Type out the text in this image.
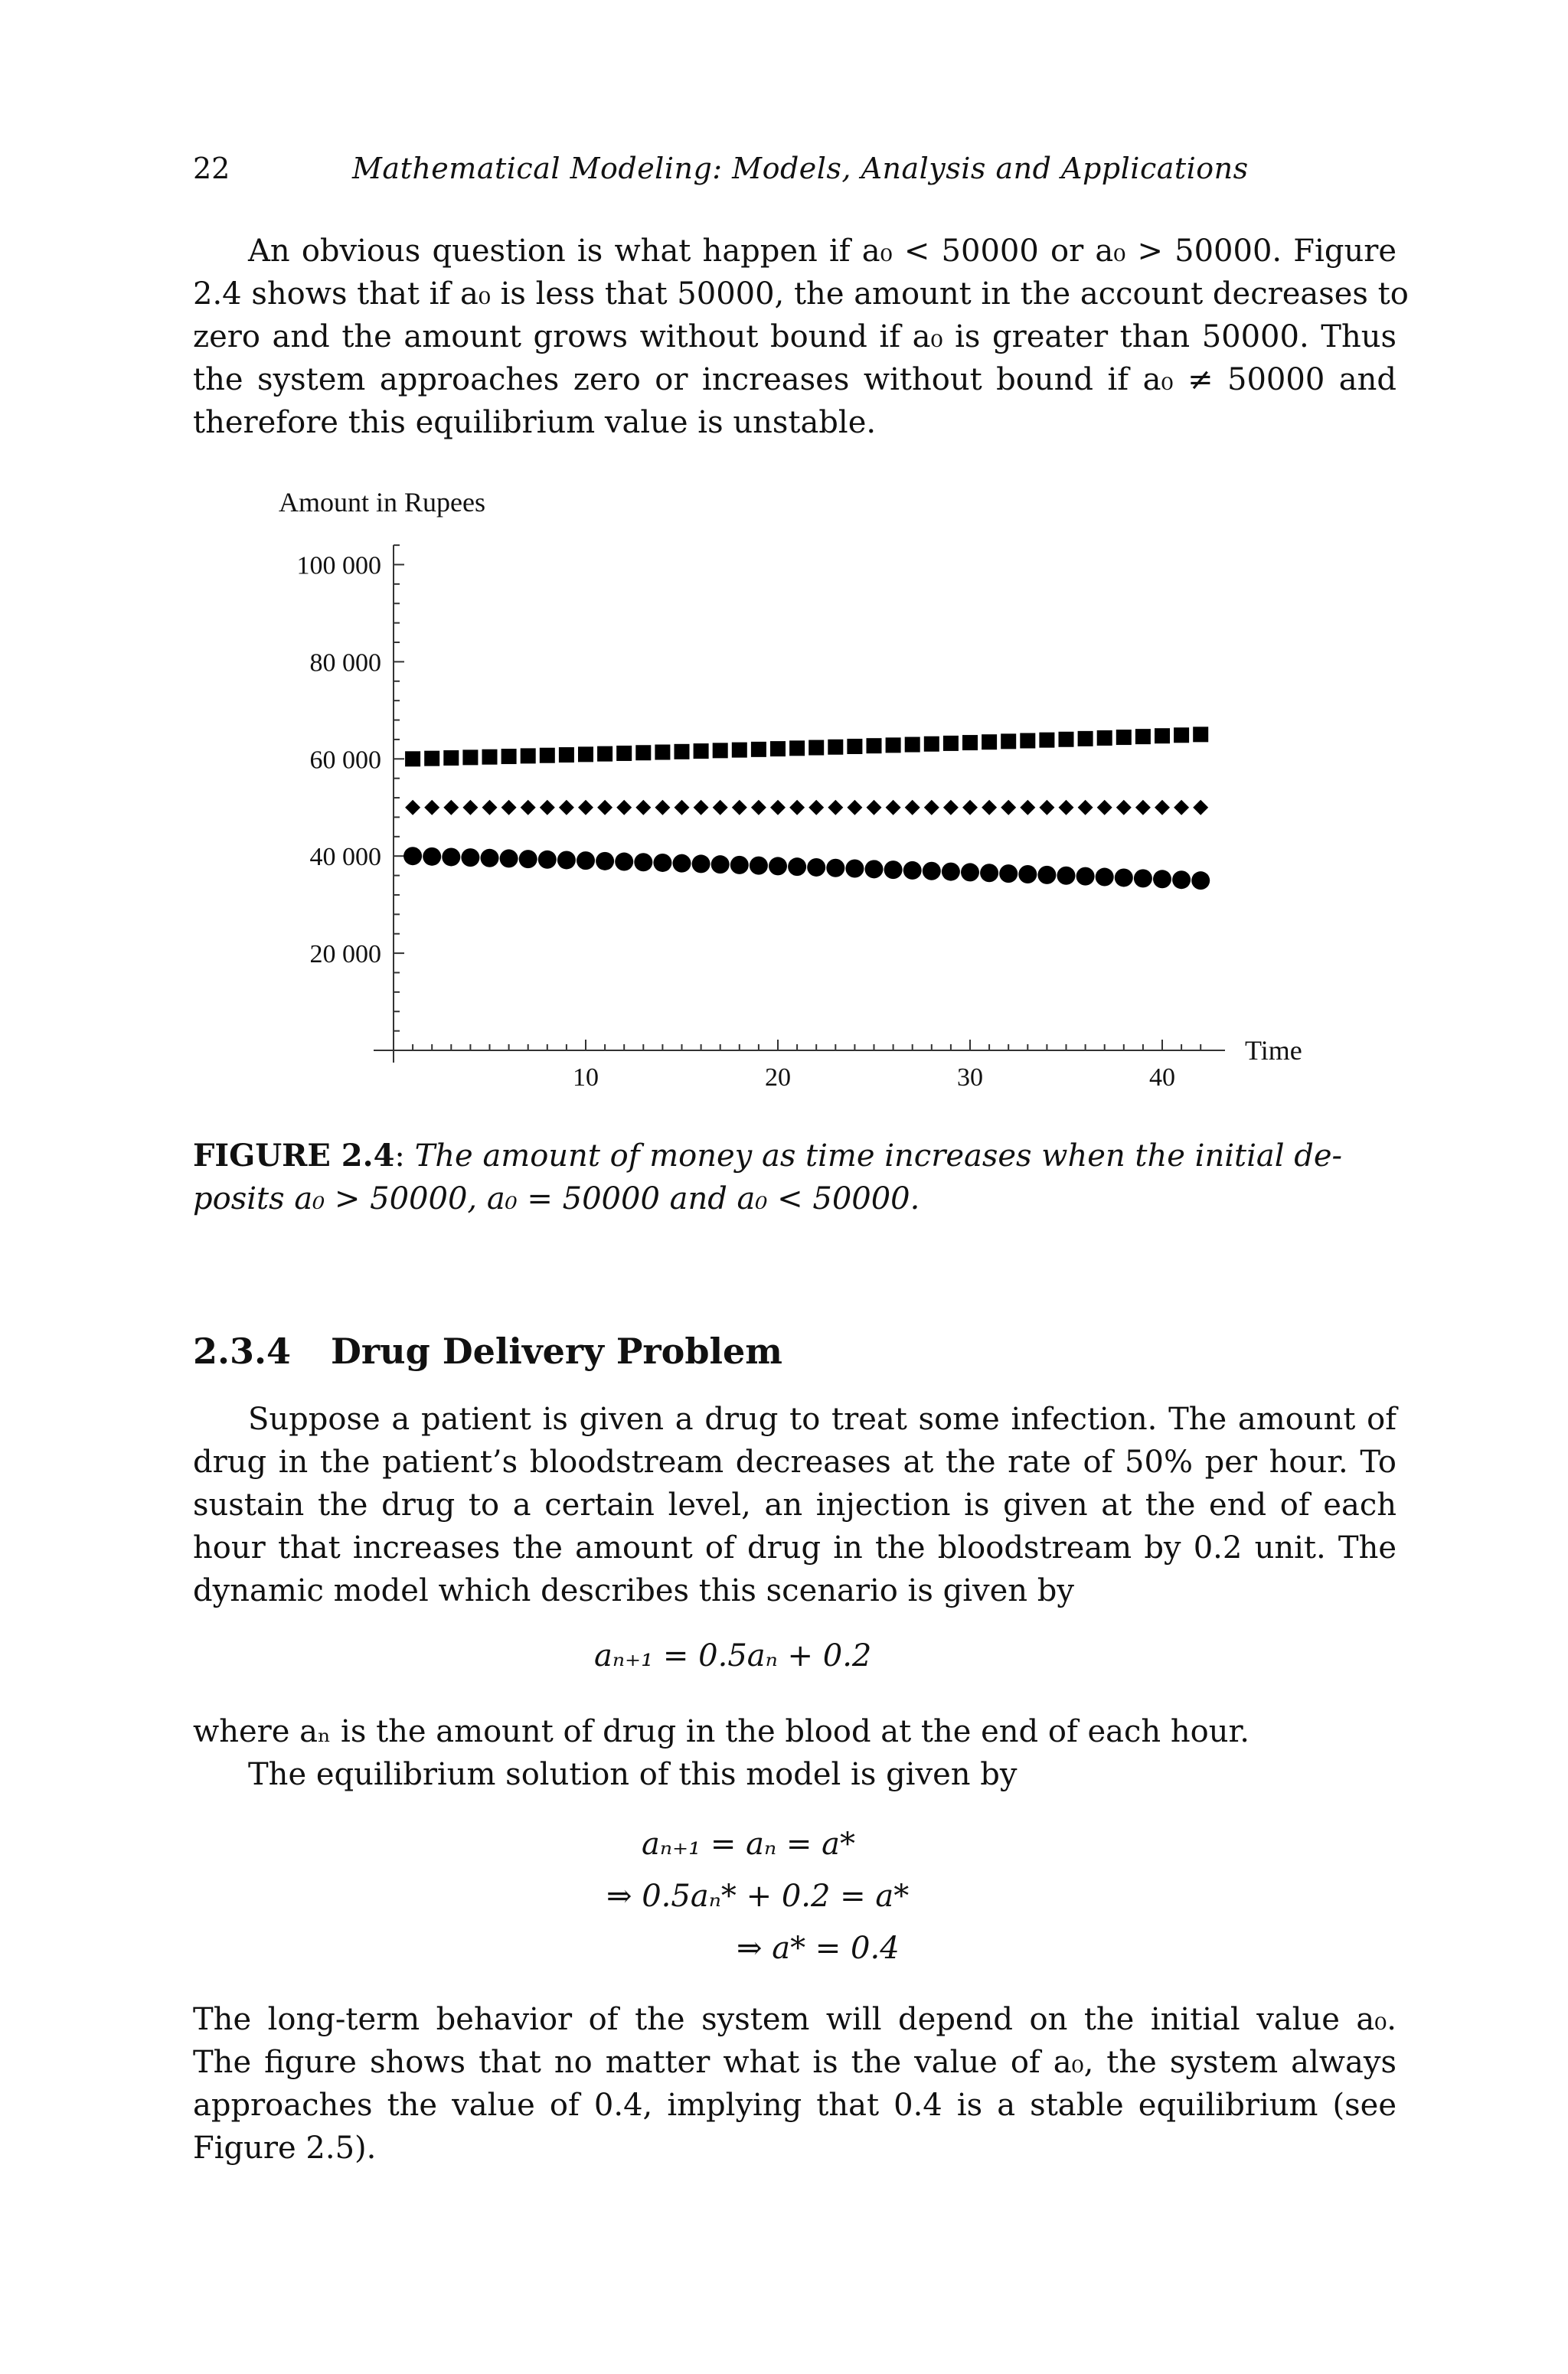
22	Mathematical Modeling: Models, Analysis and Applications
An obvious question is what happen if a₀ < 50000 or a₀ > 50000. Figure
2.4 shows that if a₀ is less that 50000, the amount in the account decreases to
zero and the amount grows without bound if a₀ is greater than 50000. Thus
the system approaches zero or increases without bound if a₀ ≠ 50000 and
therefore this equilibrium value is unstable.
Amount in Rupees
Time
10	20	30	40
20 000
40 000
60 000
80 000
100 000
FIGURE 2.4: The amount of money as time increases when the initial de-
posits a₀ > 50000, a₀ = 50000 and a₀ < 50000.
2.3.4 Drug Delivery Problem
Suppose a patient is given a drug to treat some infection. The amount of
drug in the patient’s bloodstream decreases at the rate of 50% per hour. To
sustain the drug to a certain level, an injection is given at the end of each
hour that increases the amount of drug in the bloodstream by 0.2 unit. The
dynamic model which describes this scenario is given by
aₙ₊₁ = 0.5aₙ + 0.2
where aₙ is the amount of drug in the blood at the end of each hour.
The equilibrium solution of this model is given by
aₙ₊₁ = aₙ = a*
⇒ 0.5aₙ* + 0.2 = a*
⇒ a* = 0.4
The long-term behavior of the system will depend on the initial value a₀.
The figure shows that no matter what is the value of a₀, the system always
approaches the value of 0.4, implying that 0.4 is a stable equilibrium (see
Figure 2.5).
